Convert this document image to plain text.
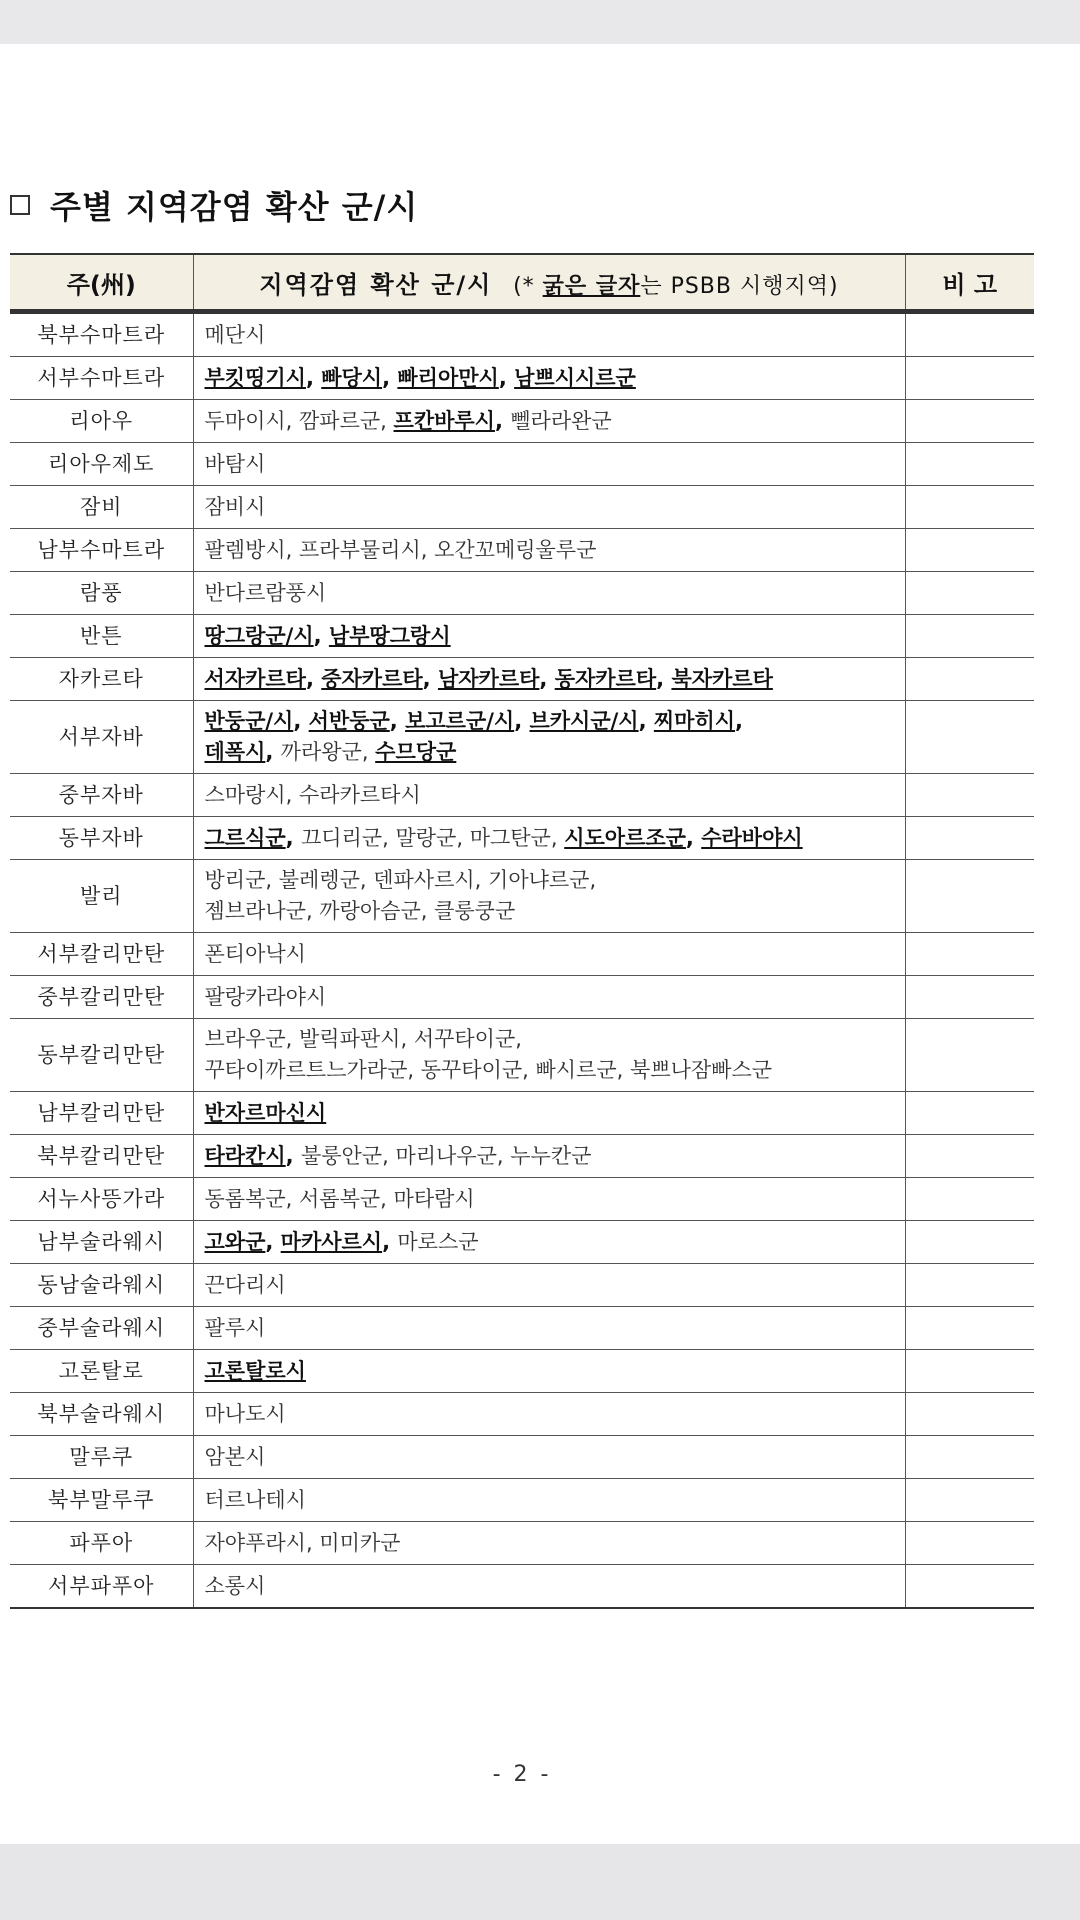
주별 지역감염 확산 군/시
주(州)	지역감염 확산 군/시 (* 굵은 글자는 PSBB 시행지역)	비 고
북부수마트라	메단시	
서부수마트라	부킷띵기시, 빠당시, 빠리아만시, 남쁘시시르군	
리아우	두마이시, 깜파르군, 프칸바루시, 뻴라라완군	
리아우제도	바탐시	
잠비	잠비시	
남부수마트라	팔렘방시, 프라부물리시, 오간꼬메링울루군	
람풍	반다르람풍시	
반튼	땅그랑군/시, 남부땅그랑시	
자카르타	서자카르타, 중자카르타, 남자카르타, 동자카르타, 북자카르타	
서부자바	반둥군/시, 서반둥군, 보고르군/시, 브카시군/시, 찌마히시,
데폭시, 까라왕군, 수므당군	
중부자바	스마랑시, 수라카르타시	
동부자바	그르식군, 끄디리군, 말랑군, 마그탄군, 시도아르조군, 수라바야시	
발리	방리군, 불레렝군, 덴파사르시, 기아냐르군,
젬브라나군, 까랑아슴군, 클룽쿵군	
서부칼리만탄	폰티아낙시	
중부칼리만탄	팔랑카라야시	
동부칼리만탄	브라우군, 발릭파판시, 서꾸타이군,
꾸타이까르트느가라군, 동꾸타이군, 빠시르군, 북쁘나잠빠스군	
남부칼리만탄	반자르마신시	
북부칼리만탄	타라칸시, 불룽안군, 마리나우군, 누누칸군	
서누사뜽가라	동롬복군, 서롬복군, 마타람시	
남부술라웨시	고와군, 마카사르시, 마로스군	
동남술라웨시	끈다리시	
중부술라웨시	팔루시	
고론탈로	고론탈로시	
북부술라웨시	마나도시	
말루쿠	암본시	
북부말루쿠	터르나테시	
파푸아	자야푸라시, 미미카군	
서부파푸아	소롱시	
- 2 -
